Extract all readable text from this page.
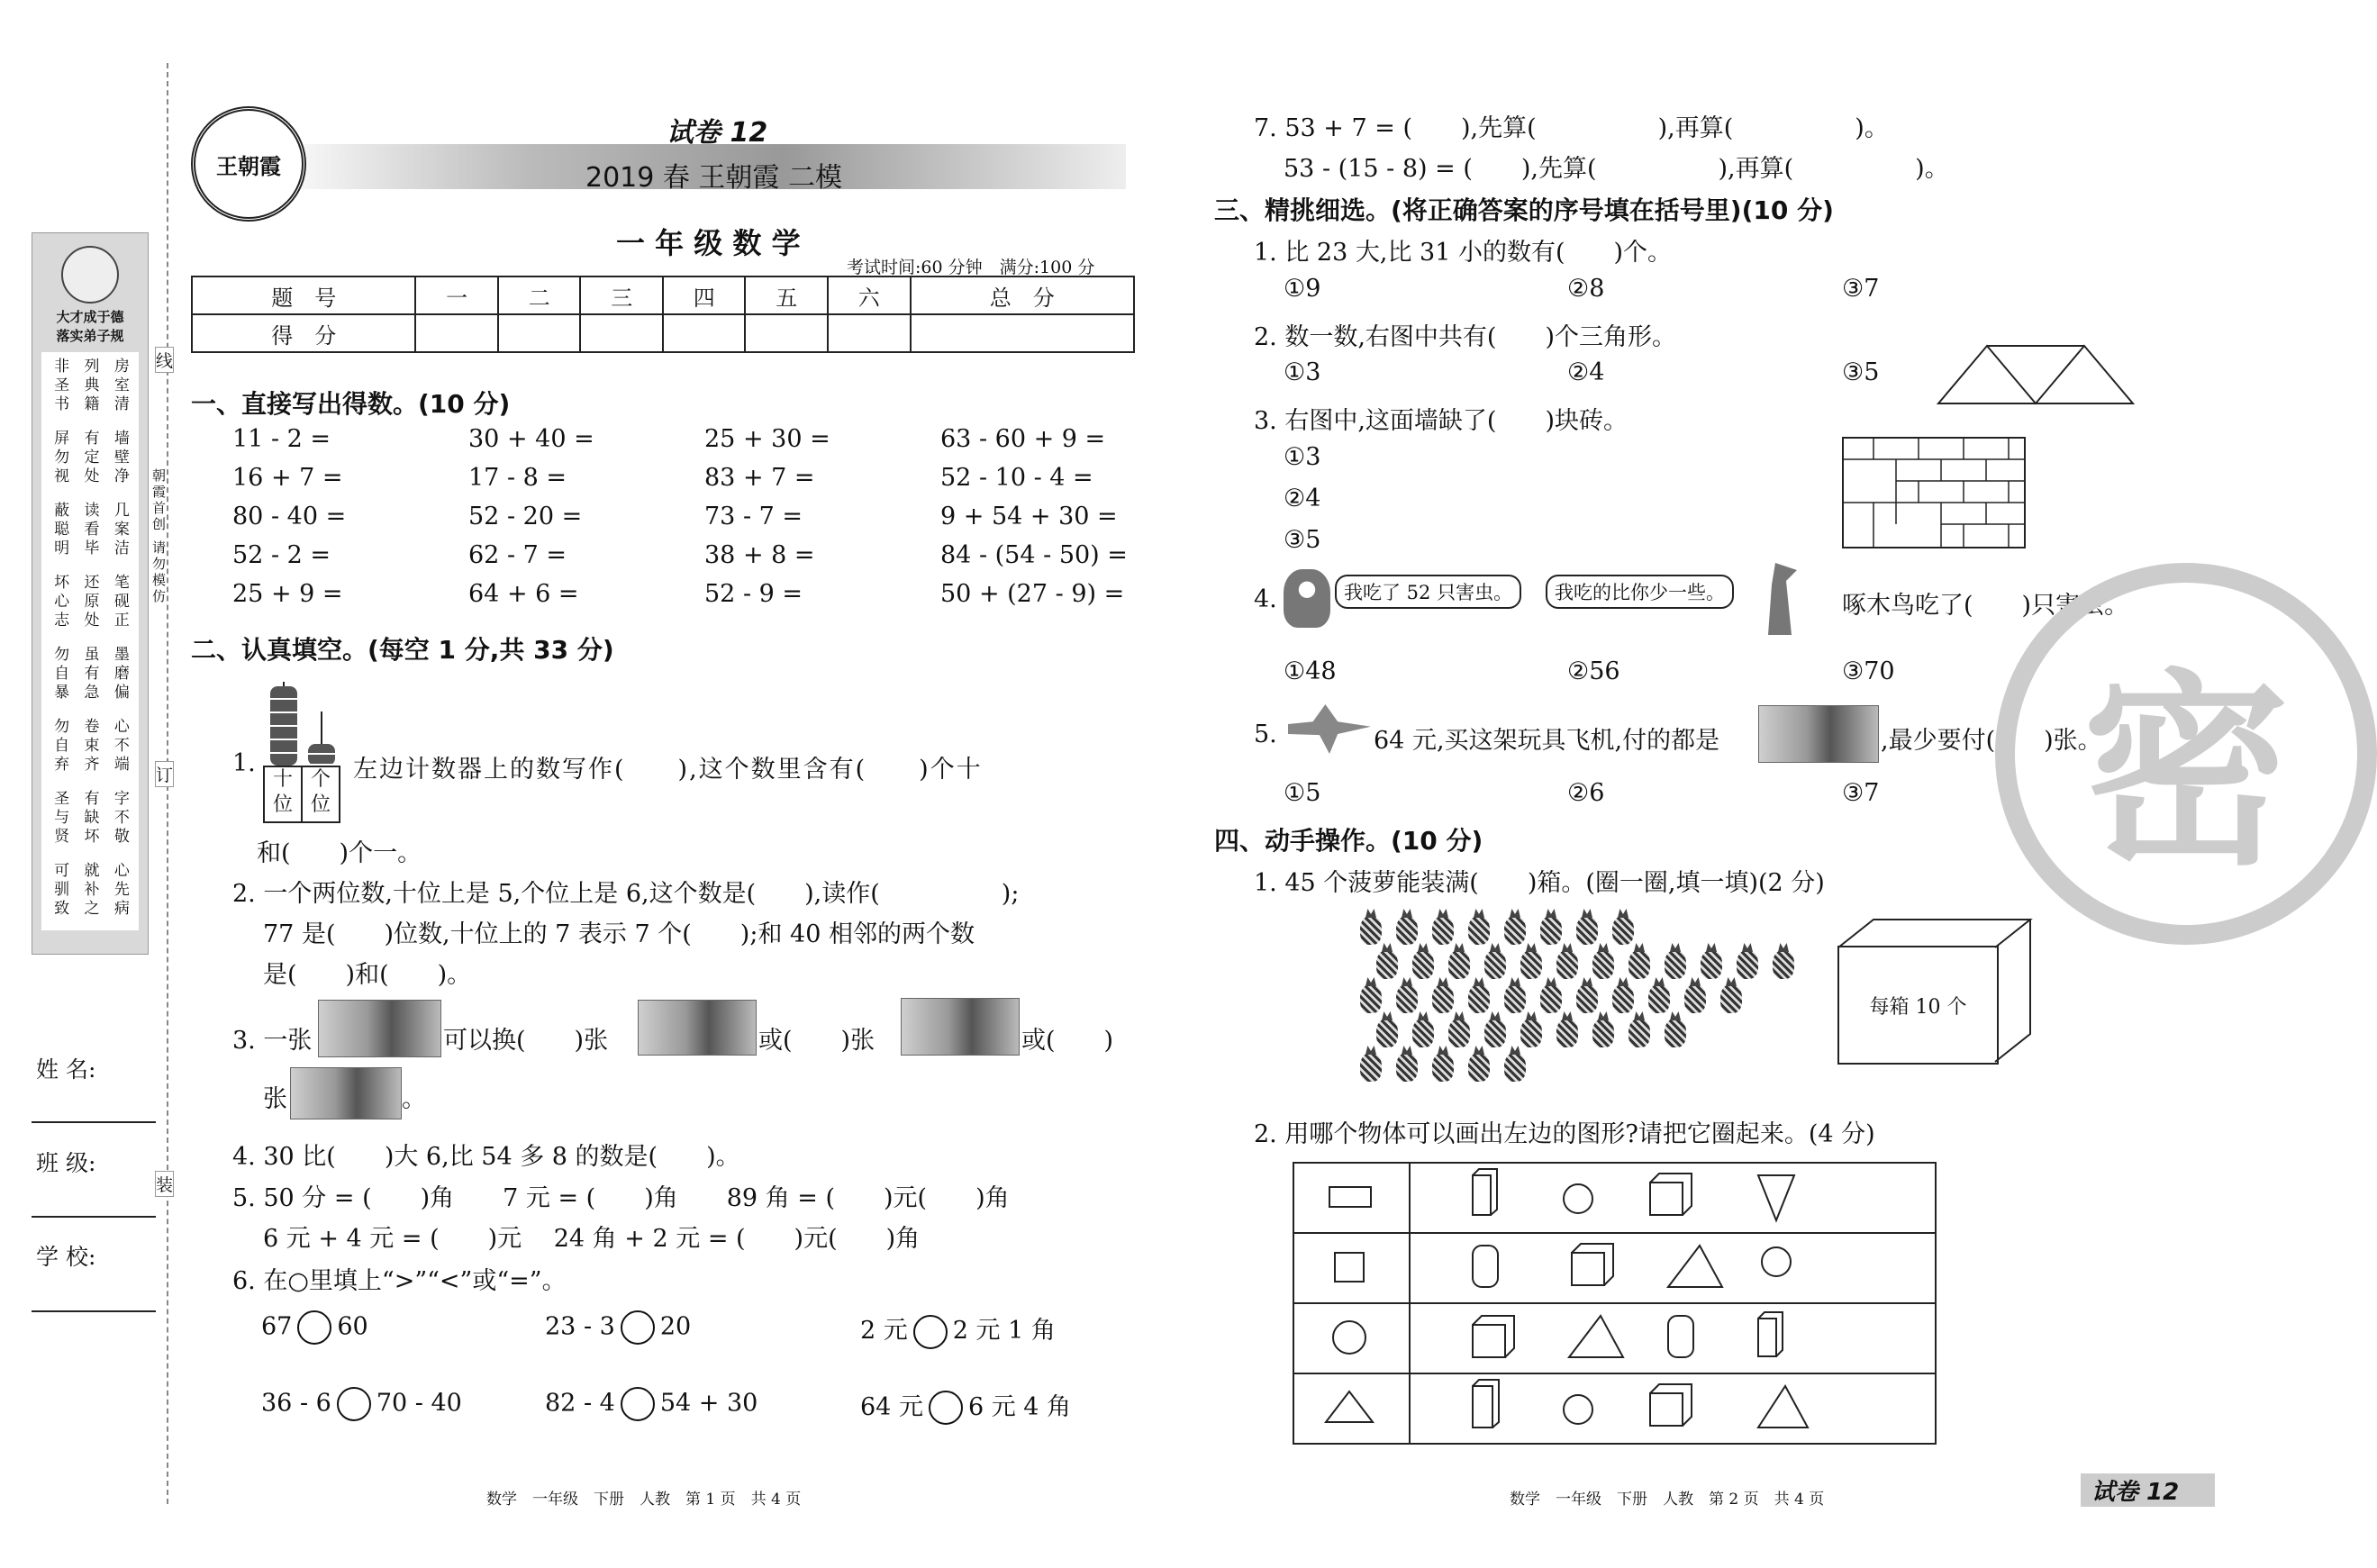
大才成于德
落实弟子规
非圣书 列典籍 房室清
屏勿视 有定处 墙壁净
蔽聪明 读看毕 几案洁
坏心志 还原处 笔砚正
勿自暴 虽有急 墨磨偏
勿自弃 卷束齐 心不端
圣与贤 有缺坏 字不敬
可驯致 就补之 心先病
姓 名:
班 级:
学 校:
线
订
装
朝霞首创 请勿模仿
王朝霞
试卷 12
2019 春 王朝霞 二模
一 年 级 数 学
考试时间:60 分钟　满分:100 分
题　号	一	二	三	四	五	六	总　分
得　分							
一、直接写出得数。(10 分)
11 - 2 =	30 + 40 =	25 + 30 =	63 - 60 + 9 =
16 + 7 =	17 - 8 =	83 + 7 =	52 - 10 - 4 =
80 - 40 =	52 - 20 =	73 - 7 =	9 + 54 + 30 =
52 - 2 =	62 - 7 =	38 + 8 =	84 - (54 - 50) =
25 + 9 =	64 + 6 =	52 - 9 =	50 + (27 - 9) =
二、认真填空。(每空 1 分,共 33 分)
十位
个位
1.	左边计数器上的数写作(　　),这个数里含有(　　)个十
和(　　)个一。
2. 一个两位数,十位上是 5,个位上是 6,这个数是(　　),读作(　　　　　);
77 是(　　)位数,十位上的 7 表示 7 个(　　);和 40 相邻的两个数
是(　　)和(　　)。
3. 一张	可以换(　　)张	或(　　)张	或(　　)
张	。
4. 30 比(　　)大 6,比 54 多 8 的数是(　　)。
5. 50 分 = (　　)角　　7 元 = (　　)角　　89 角 = (　　)元(　　)角
6 元 + 4 元 = (　　)元　 24 角 + 2 元 = (　　)元(　　)角
6. 在○里填上“>”“<”或“=”。
67 60	23 - 3 20	2 元 2 元 1 角
36 - 6 70 - 40	82 - 4 54 + 30	64 元 6 元 4 角
数学　一年级　下册　人教　第 1 页　共 4 页
7. 53 + 7 = (　　),先算(　　　　　),再算(　　　　　)。
53 - (15 - 8) = (　　),先算(　　　　　),再算(　　　　　)。
三、精挑细选。(将正确答案的序号填在括号里)(10 分)
1. 比 23 大,比 31 小的数有(　　)个。
①9	②8	③7
2. 数一数,右图中共有(　　)个三角形。
①3	②4	③5
3. 右图中,这面墙缺了(　　)块砖。
①3
②4
③5
4.	我吃了 52 只害虫。	我吃的比你少一些。	啄木鸟吃了(　　)只害虫。
①48	②56	③70
5.	64 元,买这架玩具飞机,付的都是	,最少要付(　　)张。
①5	②6	③7
四、动手操作。(10 分)
1. 45 个菠萝能装满(　　)箱。(圈一圈,填一填)(2 分)
每箱 10 个
2. 用哪个物体可以画出左边的图形?请把它圈起来。(4 分)

密
数学　一年级　下册　人教　第 2 页　共 4 页	试卷 12
